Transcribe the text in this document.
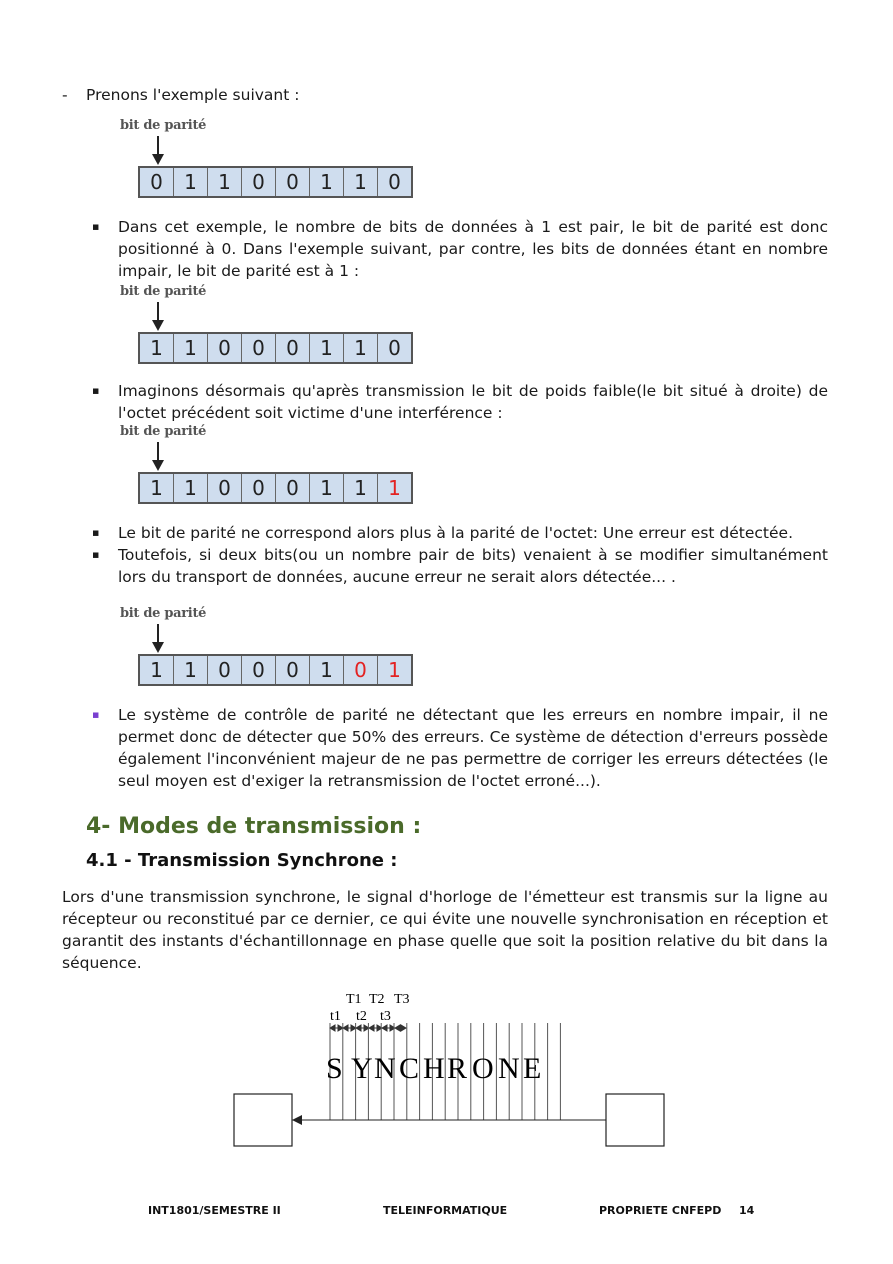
- Prenons l'exemple suivant :
bit de parité
0	1	1	0	0	1	1	0
▪ Dans cet exemple, le nombre de bits de données à 1 est pair, le bit de parité est donc positionné à 0. Dans l'exemple suivant, par contre, les bits de données étant en nombre impair, le bit de parité est à 1 :
bit de parité
1	1	0	0	0	1	1	0
▪ Imaginons désormais qu'après transmission le bit de poids faible(le bit situé à droite) de l'octet précédent soit victime d'une interférence :
bit de parité
1	1	0	0	0	1	1	1
▪ Le bit de parité ne correspond alors plus à la parité de l'octet: Une erreur est détectée.
▪ Toutefois, si deux bits(ou un nombre pair de bits) venaient à se modifier simultanément lors du transport de données, aucune erreur ne serait alors détectée... .
bit de parité
1	1	0	0	0	1	0	1
▪ Le système de contrôle de parité ne détectant que les erreurs en nombre impair, il ne permet donc de détecter que 50% des erreurs. Ce système de détection d'erreurs possède également l'inconvénient majeur de ne pas permettre de corriger les erreurs détectées (le seul moyen est d'exiger la retransmission de l'octet erroné...).
4- Modes de transmission :
4.1 - Transmission Synchrone :
Lors d'une transmission synchrone, le signal d'horloge de l'émetteur est transmis sur la ligne au récepteur ou reconstitué par ce dernier, ce qui évite une nouvelle synchronisation en réception et garantit des instants d'échantillonnage en phase quelle que soit la position relative du bit dans la séquence.
T1 T2 T3
t1 t2 t3
S Y N C H R O N E
INT1801/SEMESTRE II	TELEINFORMATIQUE	PROPRIETE CNFEPD 14
